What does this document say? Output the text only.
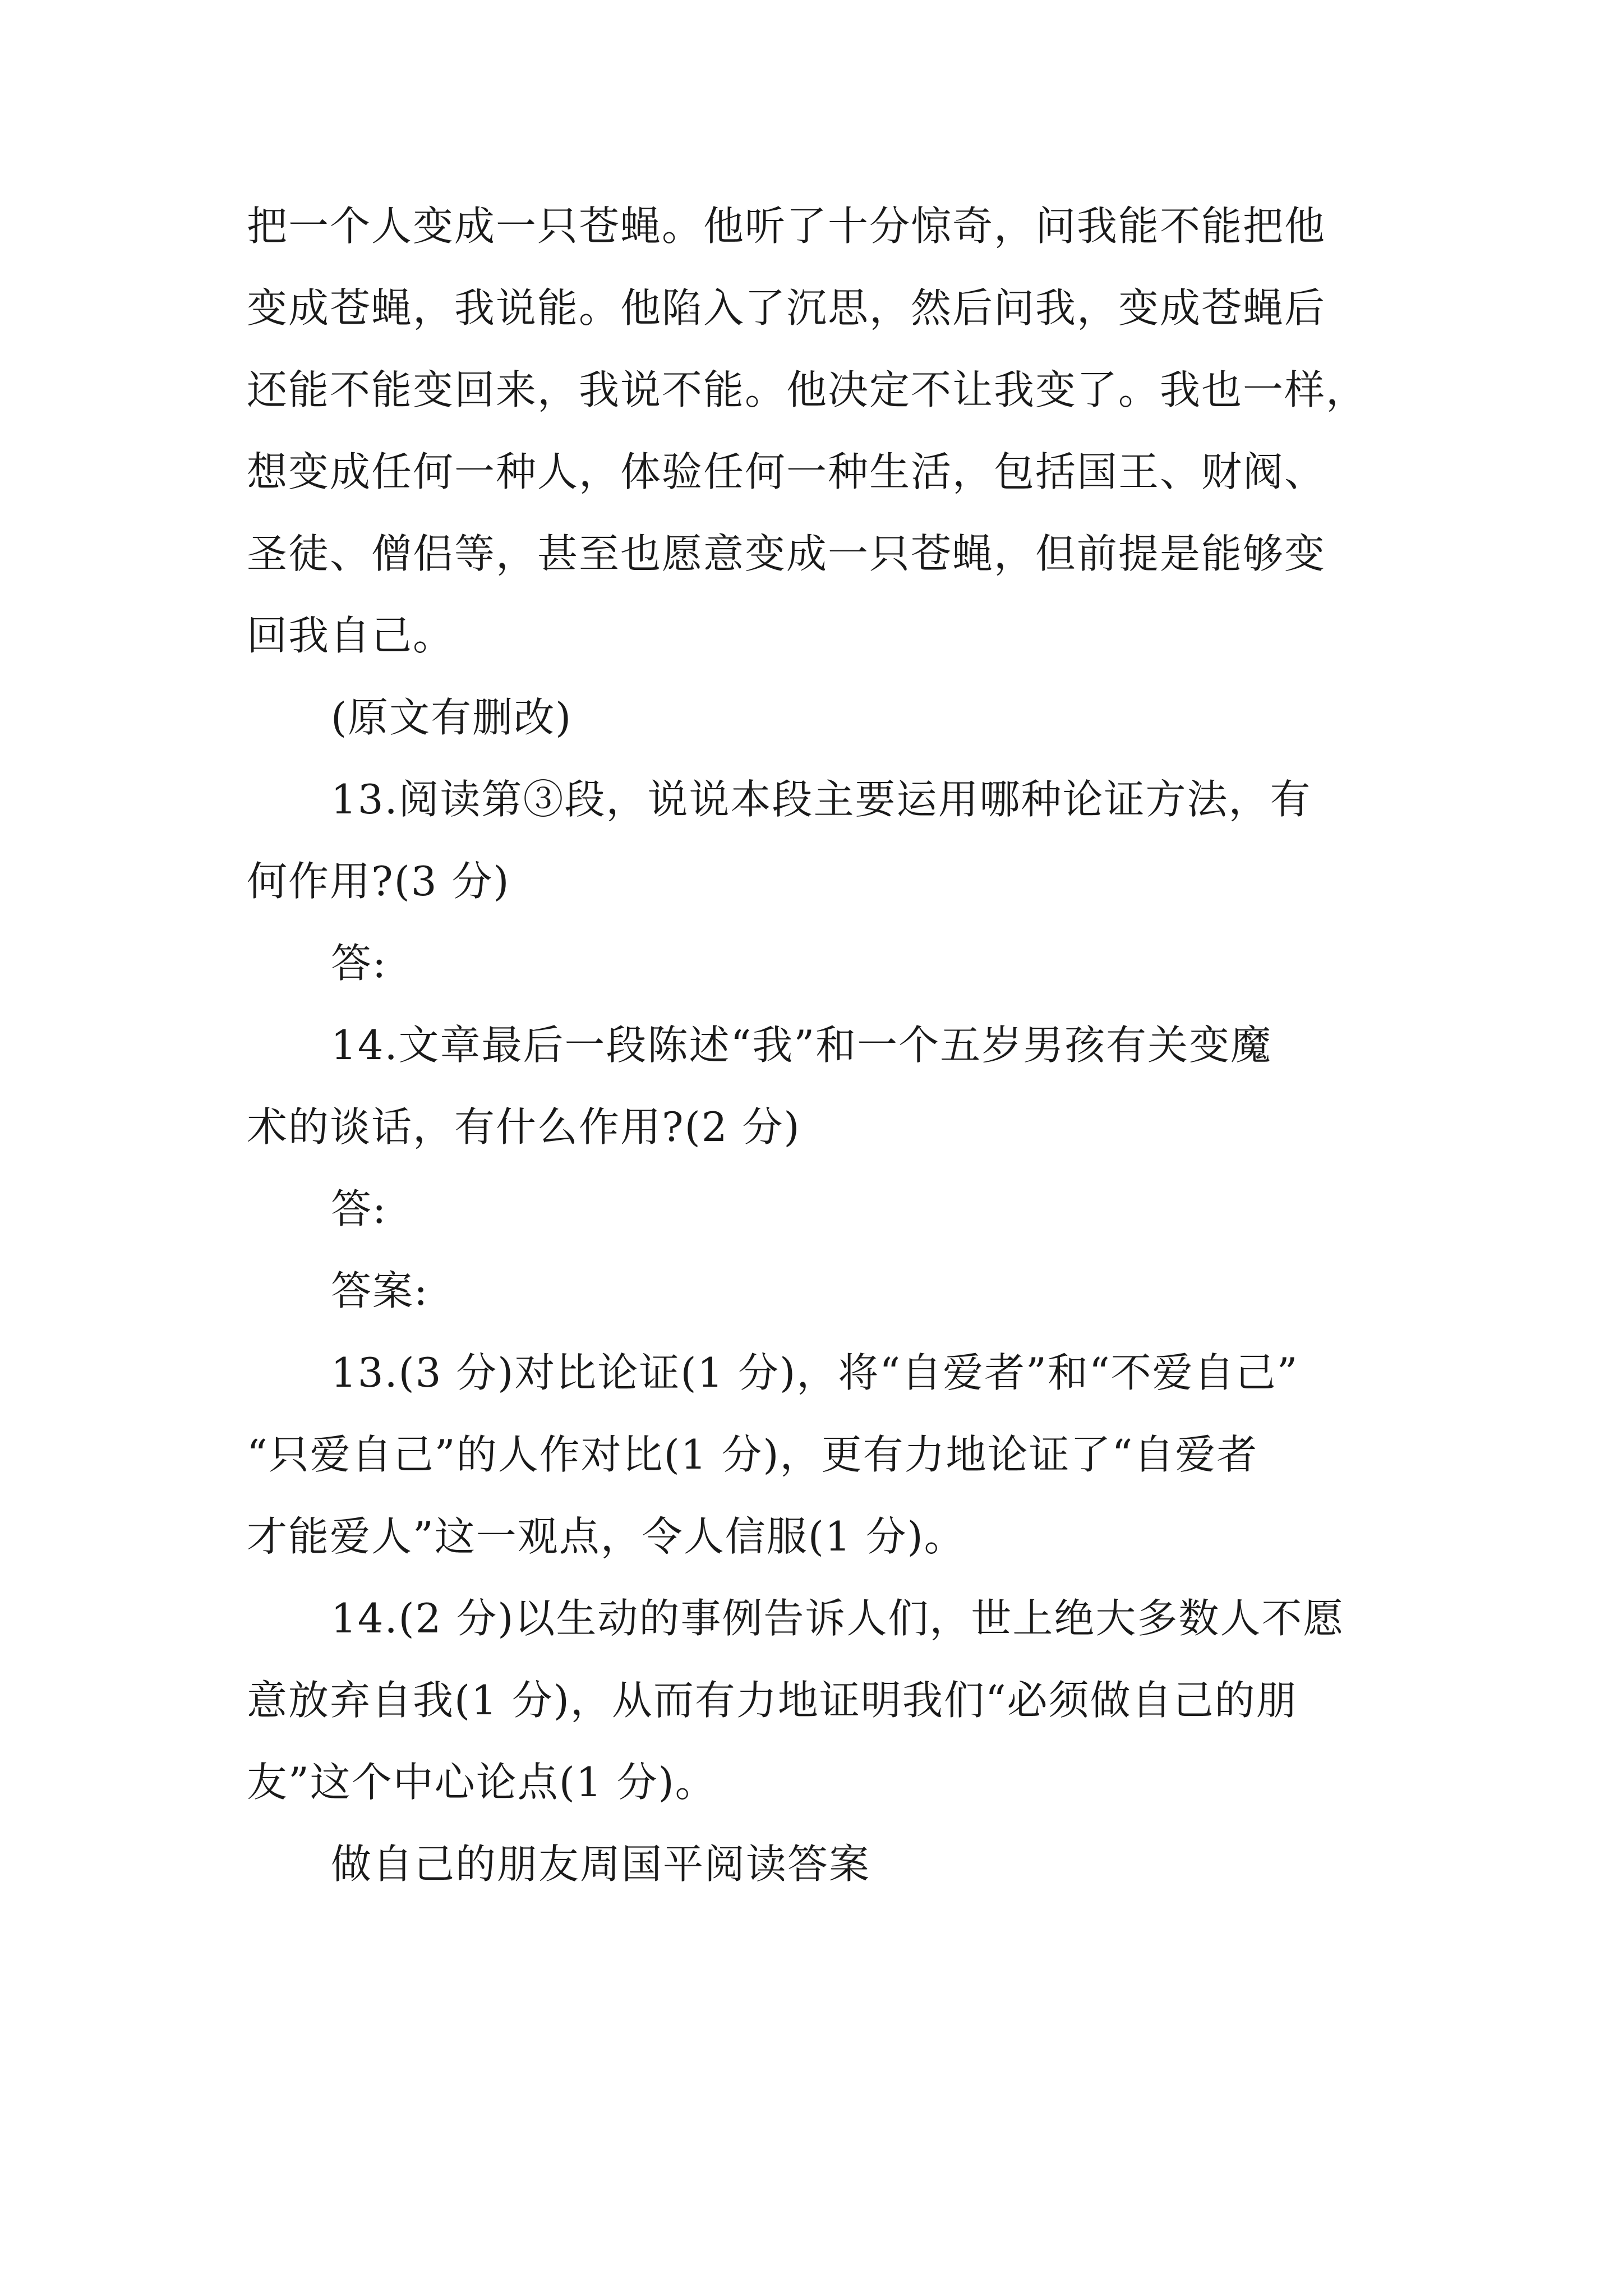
把一个人变成一只苍蝇。他听了十分惊奇，问我能不能把他
变成苍蝇，我说能。他陷入了沉思，然后问我，变成苍蝇后
还能不能变回来，我说不能。他决定不让我变了。我也一样，
想变成任何一种人，体验任何一种生活，包括国王、财阀、
圣徒、僧侣等，甚至也愿意变成一只苍蝇，但前提是能够变
回我自己。
(原文有删改)
13.阅读第③段，说说本段主要运用哪种论证方法，有
何作用?(3 分)
答:
14.文章最后一段陈述“我”和一个五岁男孩有关变魔
术的谈话，有什么作用?(2 分)
答:
答案:
13.(3 分)对比论证(1 分)，将“自爱者”和“不爱自己”
“只爱自己”的人作对比(1 分)，更有力地论证了“自爱者
才能爱人”这一观点，令人信服(1 分)。
14.(2 分)以生动的事例告诉人们，世上绝大多数人不愿
意放弃自我(1 分)，从而有力地证明我们“必须做自己的朋
友”这个中心论点(1 分)。
做自己的朋友周国平阅读答案
